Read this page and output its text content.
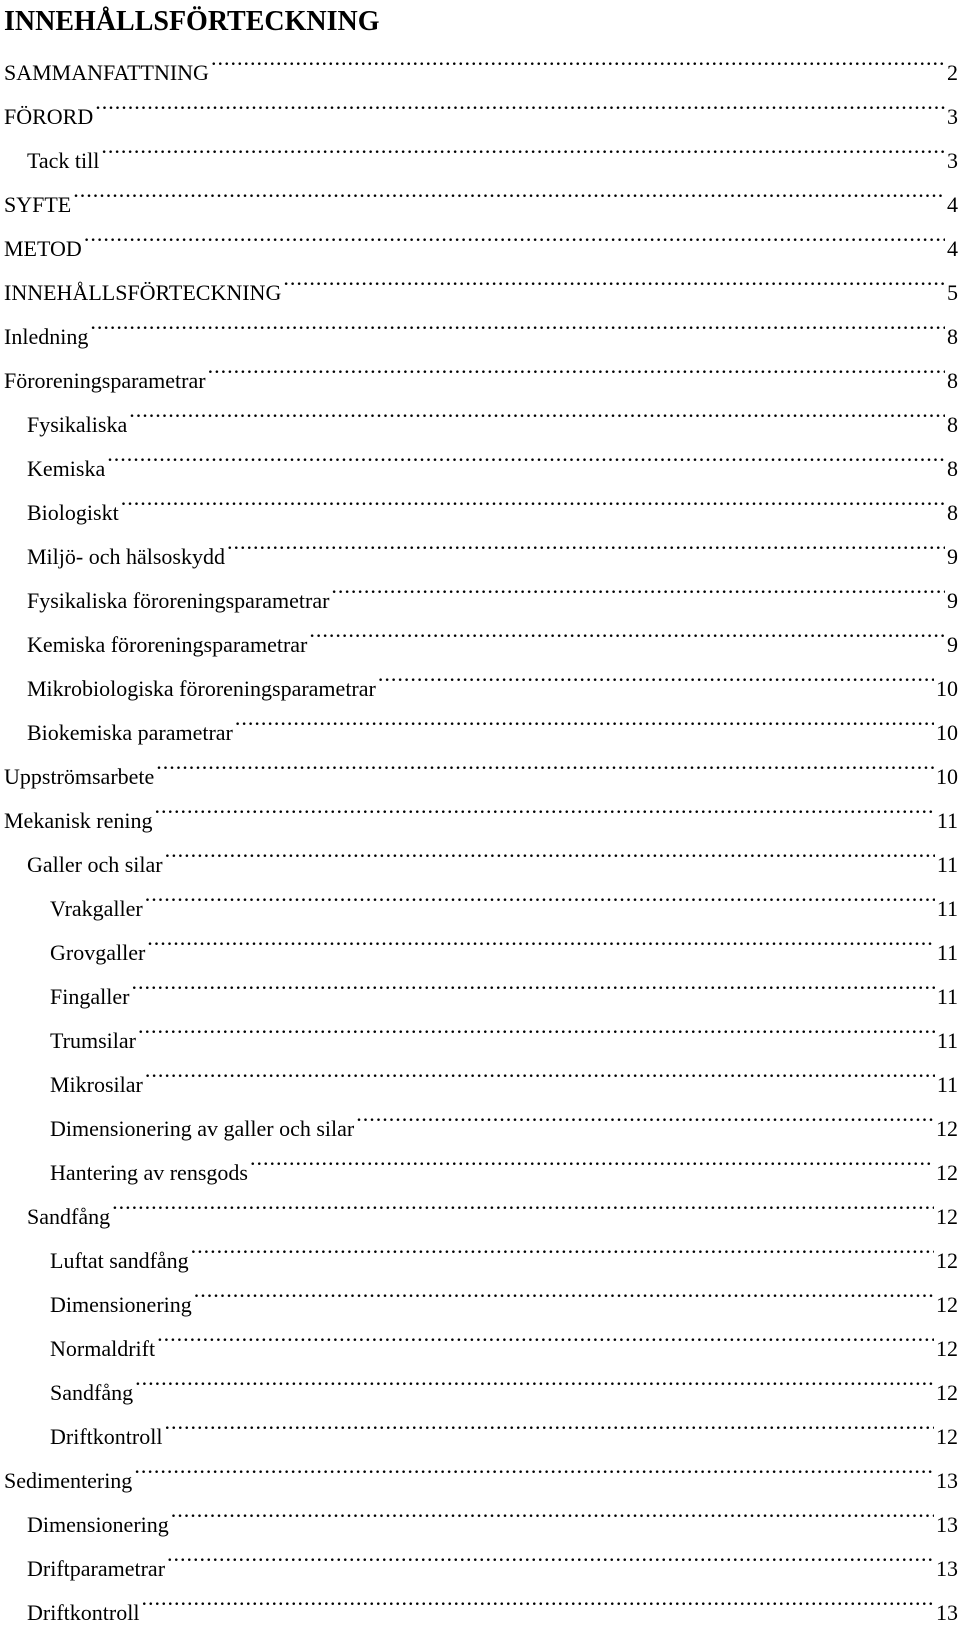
INNEHÅLLSFÖRTECKNING
SAMMANFATTNING .....	2
FÖRORD .....	3
Tack till .....	3
SYFTE .....	4
METOD .....	4
INNEHÅLLSFÖRTECKNING .....	5
Inledning .....	8
Föroreningsparametrar .....	8
Fysikaliska .....	8
Kemiska .....	8
Biologiskt .....	8
Miljö- och hälsoskydd .....	9
Fysikaliska föroreningsparametrar .....	9
Kemiska föroreningsparametrar .....	9
Mikrobiologiska föroreningsparametrar .....	10
Biokemiska parametrar .....	10
Uppströmsarbete .....	10
Mekanisk rening .....	11
Galler och silar .....	11
Vrakgaller .....	11
Grovgaller .....	11
Fingaller .....	11
Trumsilar .....	11
Mikrosilar .....	11
Dimensionering av galler och silar .....	12
Hantering av rensgods .....	12
Sandfång .....	12
Luftat sandfång .....	12
Dimensionering .....	12
Normaldrift .....	12
Sandfång .....	12
Driftkontroll .....	12
Sedimentering .....	13
Dimensionering .....	13
Driftparametrar .....	13
Driftkontroll .....	13
